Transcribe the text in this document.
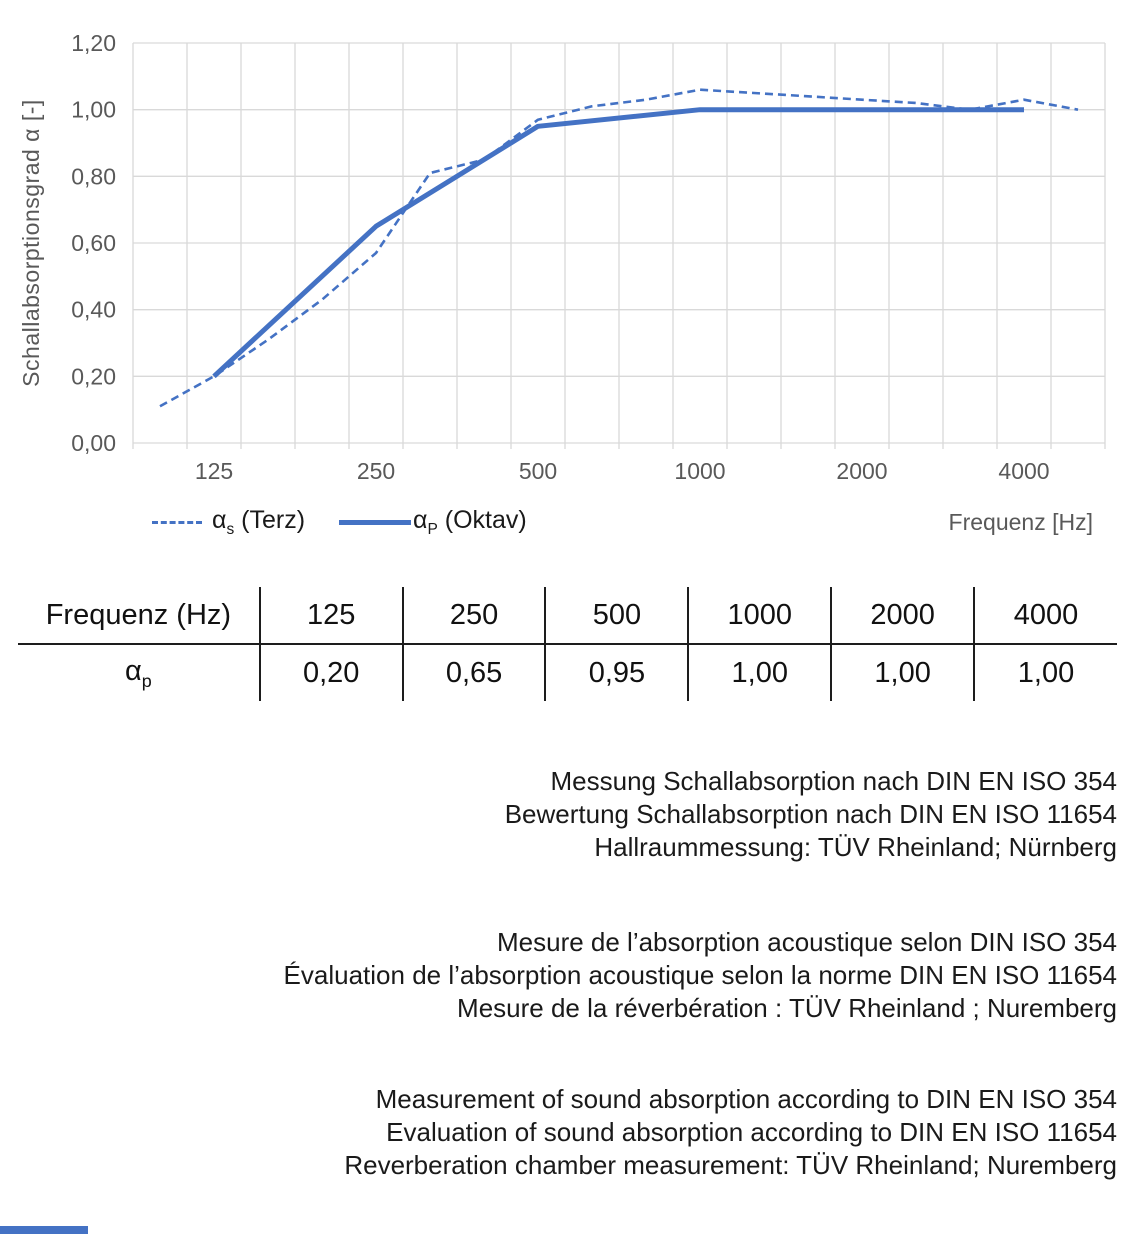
Schallabsorptionsgrad α [-]
0,00
0,20
0,40
0,60
0,80
1,00
1,20
125	250	500	1000	2000	4000
$\alpha_s$ (Terz)	$\alpha_P$ (Oktav)	Frequenz [Hz]
Frequenz (Hz)	125	250	500	1000	2000	4000
$\alpha_p$	0,20	0,65	0,95	1,00	1,00	1,00
Messung Schallabsorption nach DIN EN ISO 354
Bewertung Schallabsorption nach DIN EN ISO 11654
Hallraummessung: TÜV Rheinland; Nürnberg
Mesure de l’absorption acoustique selon DIN ISO 354
Évaluation de l’absorption acoustique selon la norme DIN EN ISO 11654
Mesure de la réverbération : TÜV Rheinland ; Nuremberg
Measurement of sound absorption according to DIN EN ISO 354
Evaluation of sound absorption according to DIN EN ISO 11654
Reverberation chamber measurement: TÜV Rheinland; Nuremberg
